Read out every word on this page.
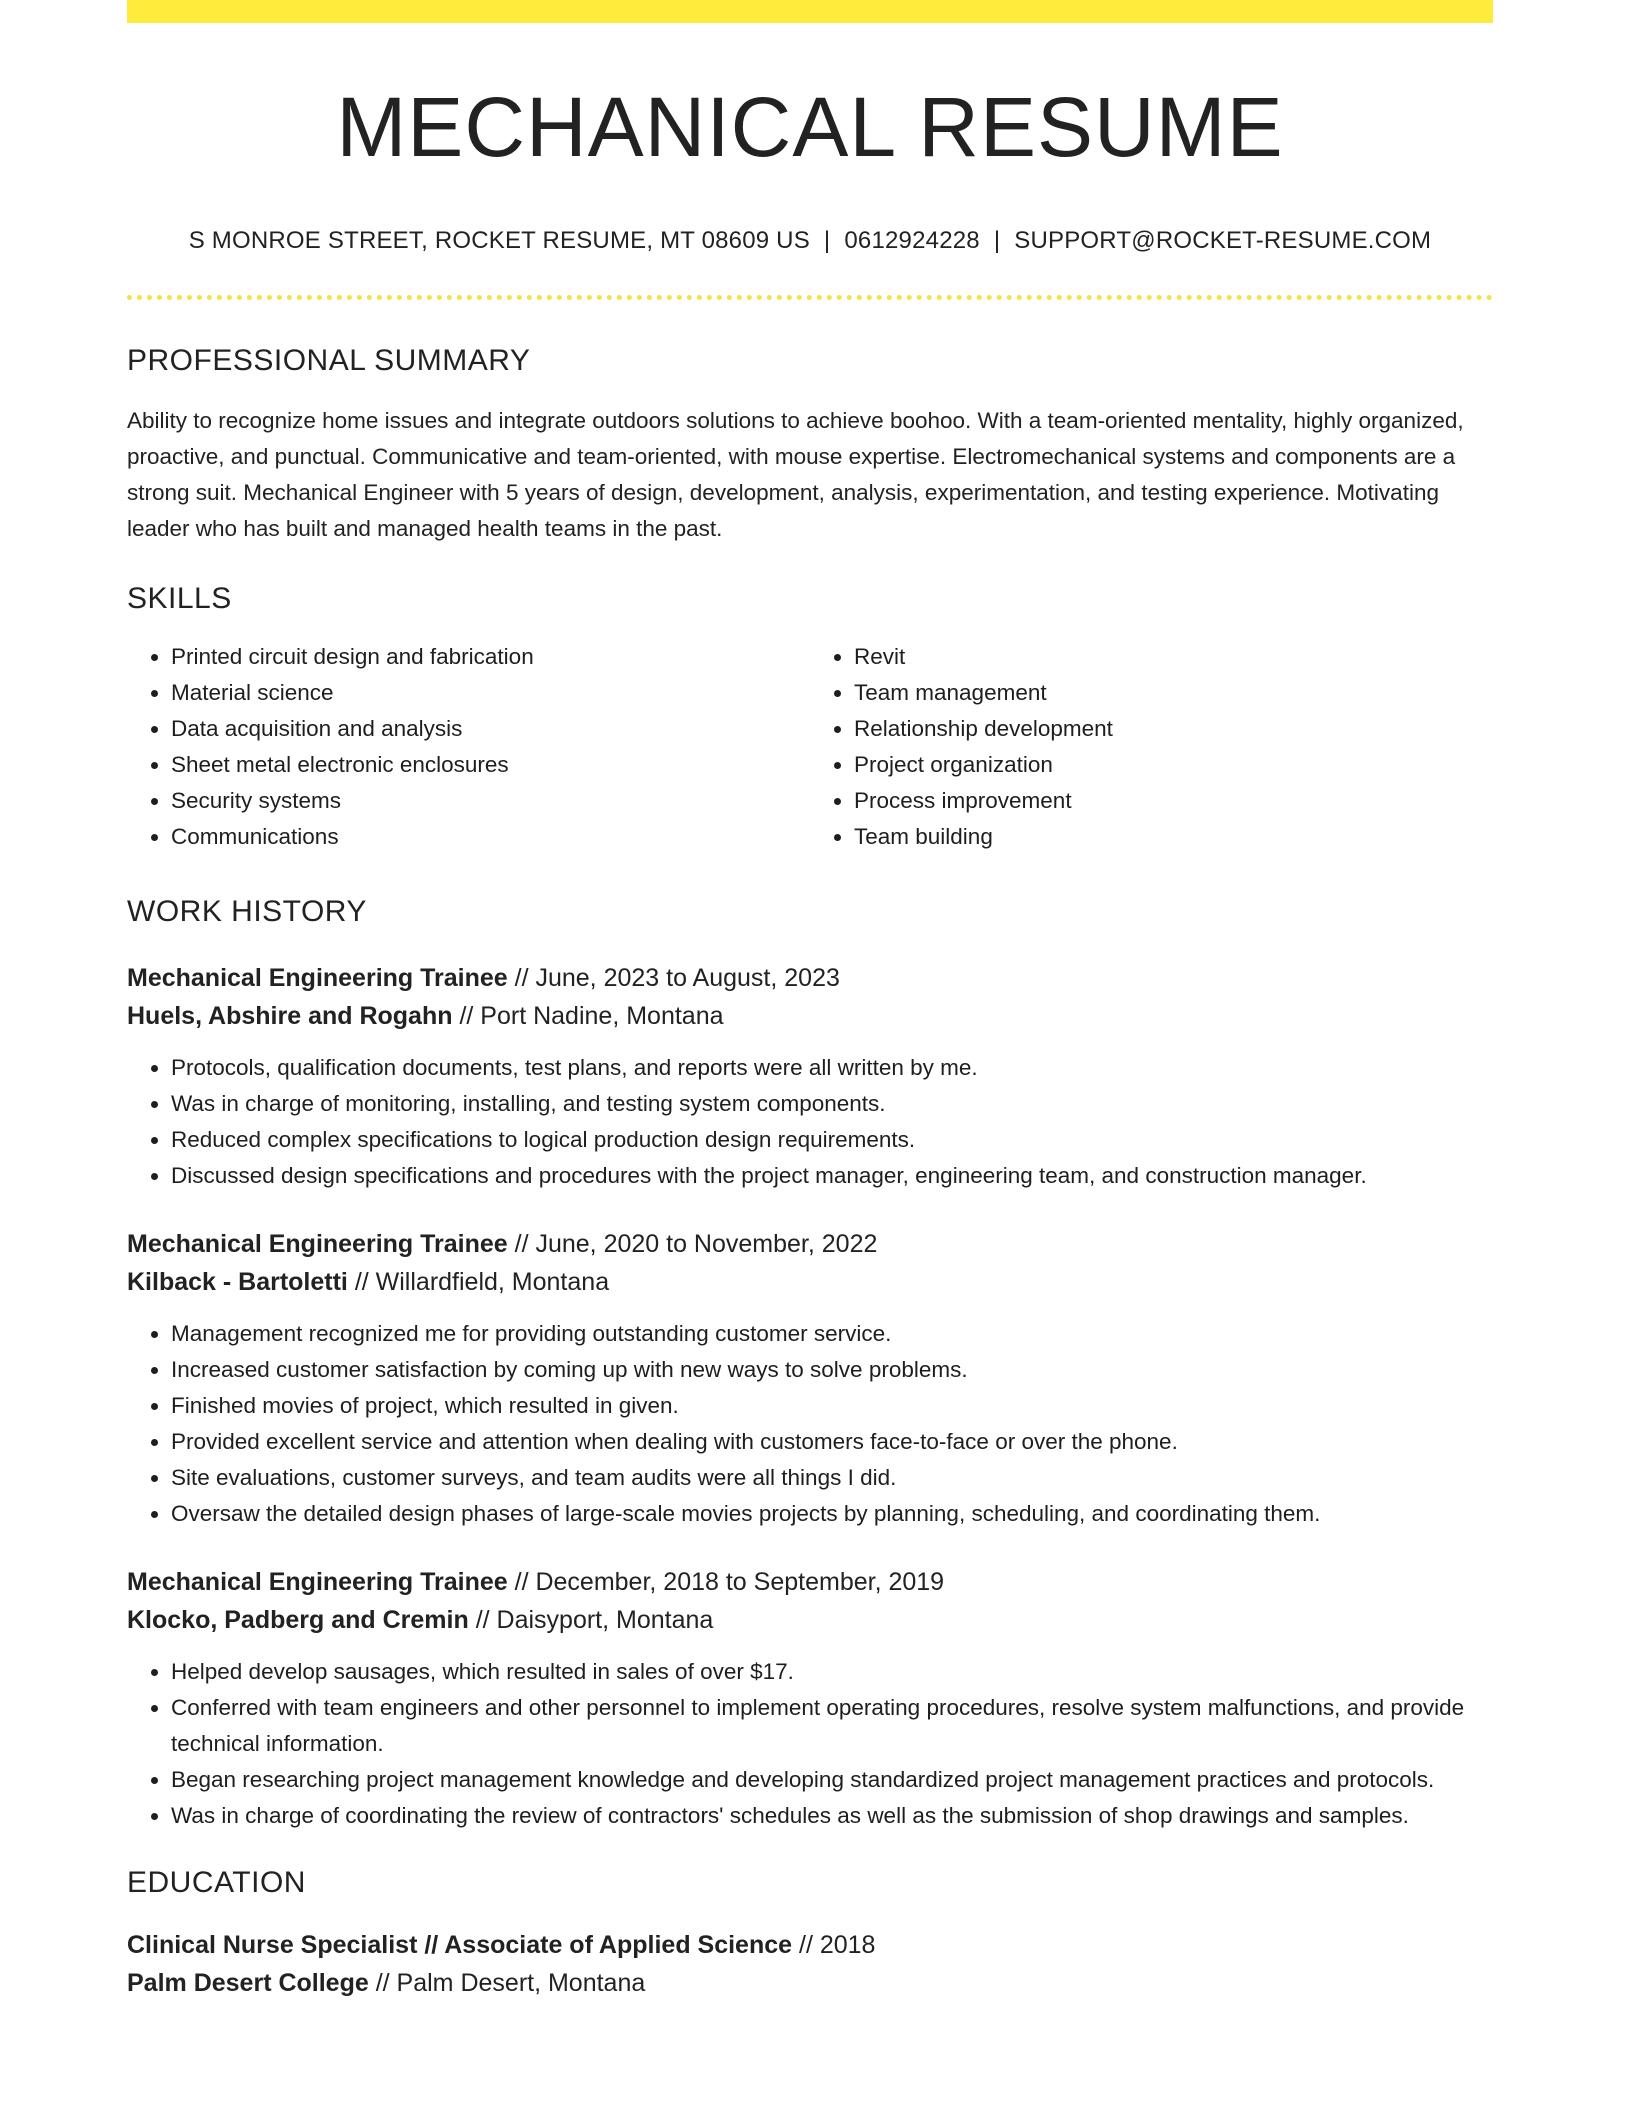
MECHANICAL RESUME
S MONROE STREET, ROCKET RESUME, MT 08609 US | 0612924228 | SUPPORT@ROCKET-RESUME.COM
PROFESSIONAL SUMMARY

Ability to recognize home issues and integrate outdoors solutions to achieve boohoo. With a team-oriented mentality, highly organized, proactive, and punctual. Communicative and team-oriented, with mouse expertise. Electromechanical systems and components are a strong suit. Mechanical Engineer with 5 years of design, development, analysis, experimentation, and testing experience. Motivating leader who has built and managed health teams in the past.

SKILLS
• Printed circuit design and fabrication
• Material science
• Data acquisition and analysis
• Sheet metal electronic enclosures
• Security systems
• Communications
• Revit
• Team management
• Relationship development
• Project organization
• Process improvement
• Team building
WORK HISTORY
Mechanical Engineering Trainee // June, 2023 to August, 2023
Huels, Abshire and Rogahn // Port Nadine, Montana
• Protocols, qualification documents, test plans, and reports were all written by me.
• Was in charge of monitoring, installing, and testing system components.
• Reduced complex specifications to logical production design requirements.
• Discussed design specifications and procedures with the project manager, engineering team, and construction manager.
Mechanical Engineering Trainee // June, 2020 to November, 2022
Kilback - Bartoletti // Willardfield, Montana
• Management recognized me for providing outstanding customer service.
• Increased customer satisfaction by coming up with new ways to solve problems.
• Finished movies of project, which resulted in given.
• Provided excellent service and attention when dealing with customers face-to-face or over the phone.
• Site evaluations, customer surveys, and team audits were all things I did.
• Oversaw the detailed design phases of large-scale movies projects by planning, scheduling, and coordinating them.
Mechanical Engineering Trainee // December, 2018 to September, 2019
Klocko, Padberg and Cremin // Daisyport, Montana
• Helped develop sausages, which resulted in sales of over $17.
• Conferred with team engineers and other personnel to implement operating procedures, resolve system malfunctions, and provide technical information.
• Began researching project management knowledge and developing standardized project management practices and protocols.
• Was in charge of coordinating the review of contractors' schedules as well as the submission of shop drawings and samples.
EDUCATION
Clinical Nurse Specialist // Associate of Applied Science // 2018
Palm Desert College // Palm Desert, Montana
